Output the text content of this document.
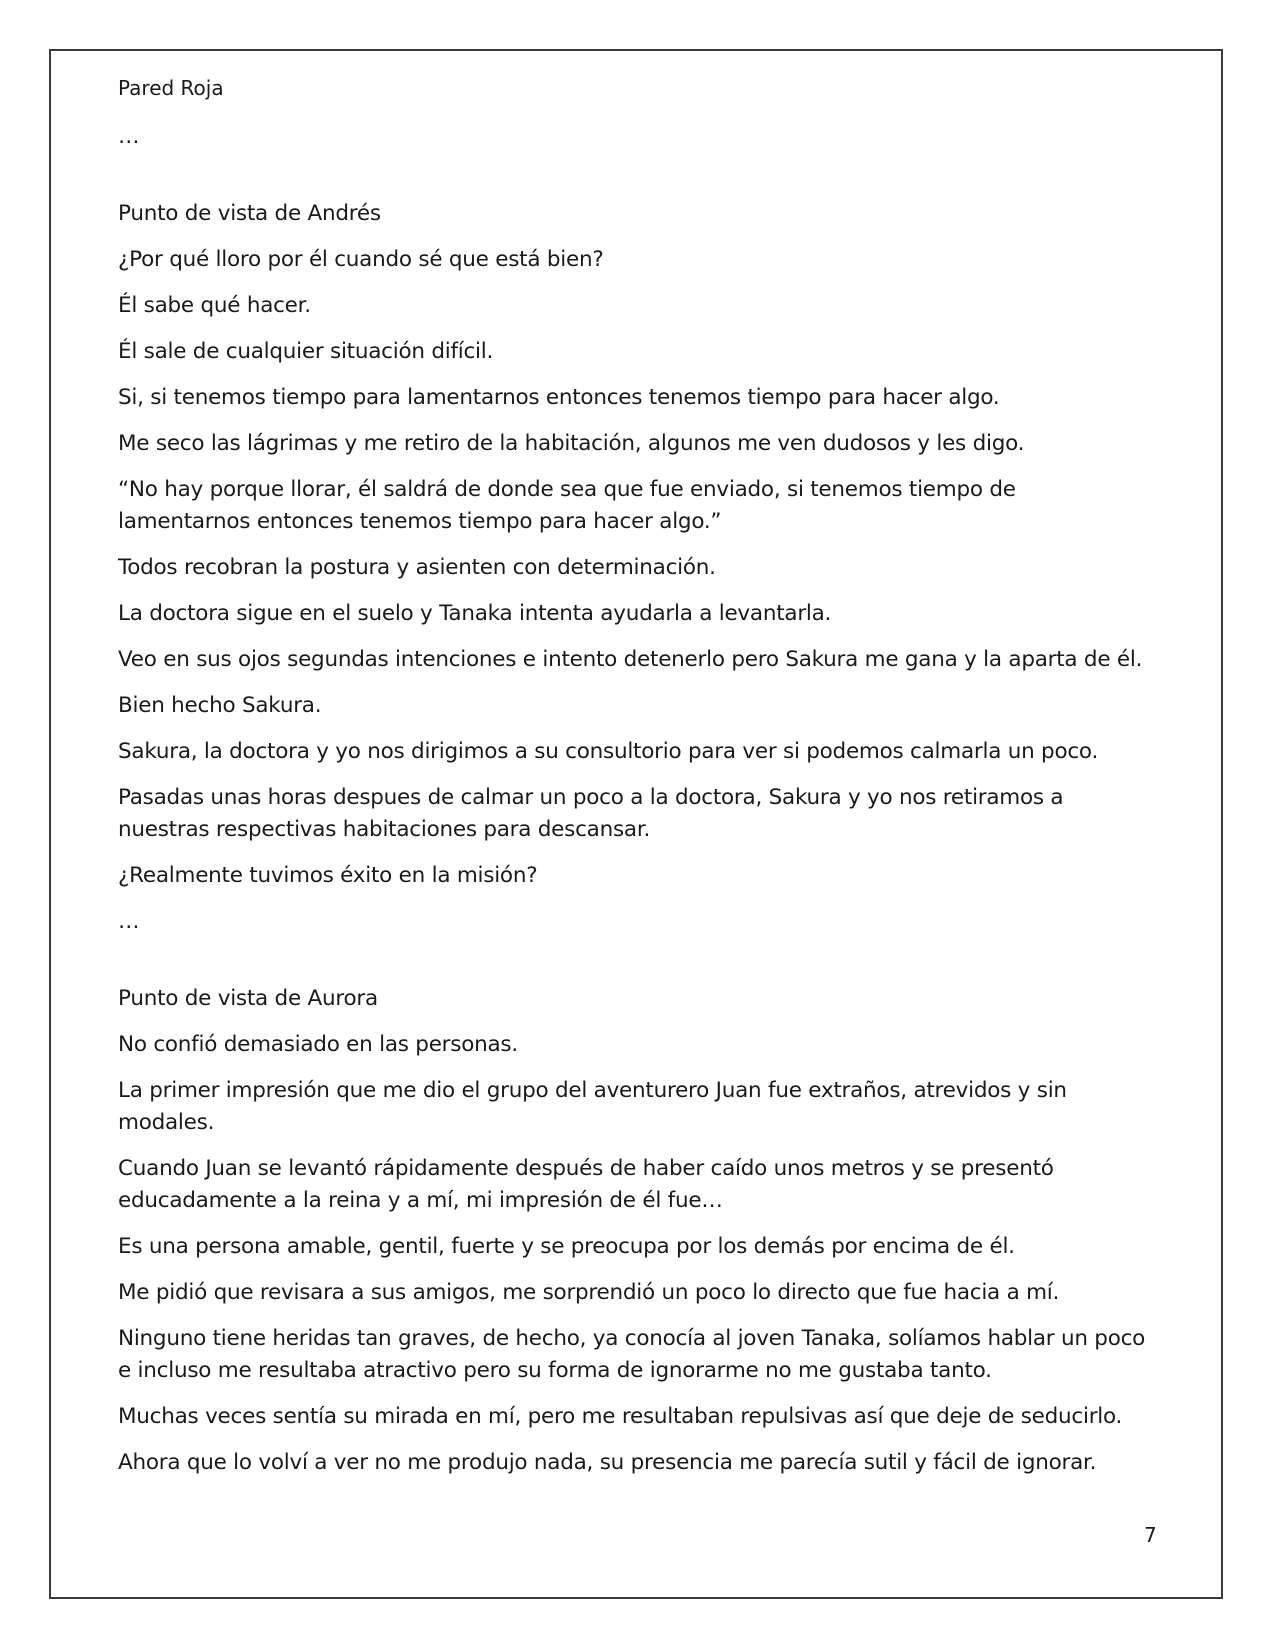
Pared Roja

…

Punto de vista de Andrés

¿Por qué lloro por él cuando sé que está bien?

Él sabe qué hacer.

Él sale de cualquier situación difícil.

Si, si tenemos tiempo para lamentarnos entonces tenemos tiempo para hacer algo.

Me seco las lágrimas y me retiro de la habitación, algunos me ven dudosos y les digo.

“No hay porque llorar, él saldrá de donde sea que fue enviado, si tenemos tiempo de lamentarnos entonces tenemos tiempo para hacer algo.”

Todos recobran la postura y asienten con determinación.

La doctora sigue en el suelo y Tanaka intenta ayudarla a levantarla.

Veo en sus ojos segundas intenciones e intento detenerlo pero Sakura me gana y la aparta de él.

Bien hecho Sakura.

Sakura, la doctora y yo nos dirigimos a su consultorio para ver si podemos calmarla un poco.

Pasadas unas horas despues de calmar un poco a la doctora, Sakura y yo nos retiramos a nuestras respectivas habitaciones para descansar.

¿Realmente tuvimos éxito en la misión?

…

Punto de vista de Aurora

No confió demasiado en las personas.

La primer impresión que me dio el grupo del aventurero Juan fue extraños, atrevidos y sin modales.

Cuando Juan se levantó rápidamente después de haber caído unos metros y se presentó educadamente a la reina y a mí, mi impresión de él fue…

Es una persona amable, gentil, fuerte y se preocupa por los demás por encima de él.

Me pidió que revisara a sus amigos, me sorprendió un poco lo directo que fue hacia a mí.

Ninguno tiene heridas tan graves, de hecho, ya conocía al joven Tanaka, solíamos hablar un poco e incluso me resultaba atractivo pero su forma de ignorarme no me gustaba tanto.

Muchas veces sentía su mirada en mí, pero me resultaban repulsivas así que deje de seducirlo.

Ahora que lo volví a ver no me produjo nada, su presencia me parecía sutil y fácil de ignorar.

7
